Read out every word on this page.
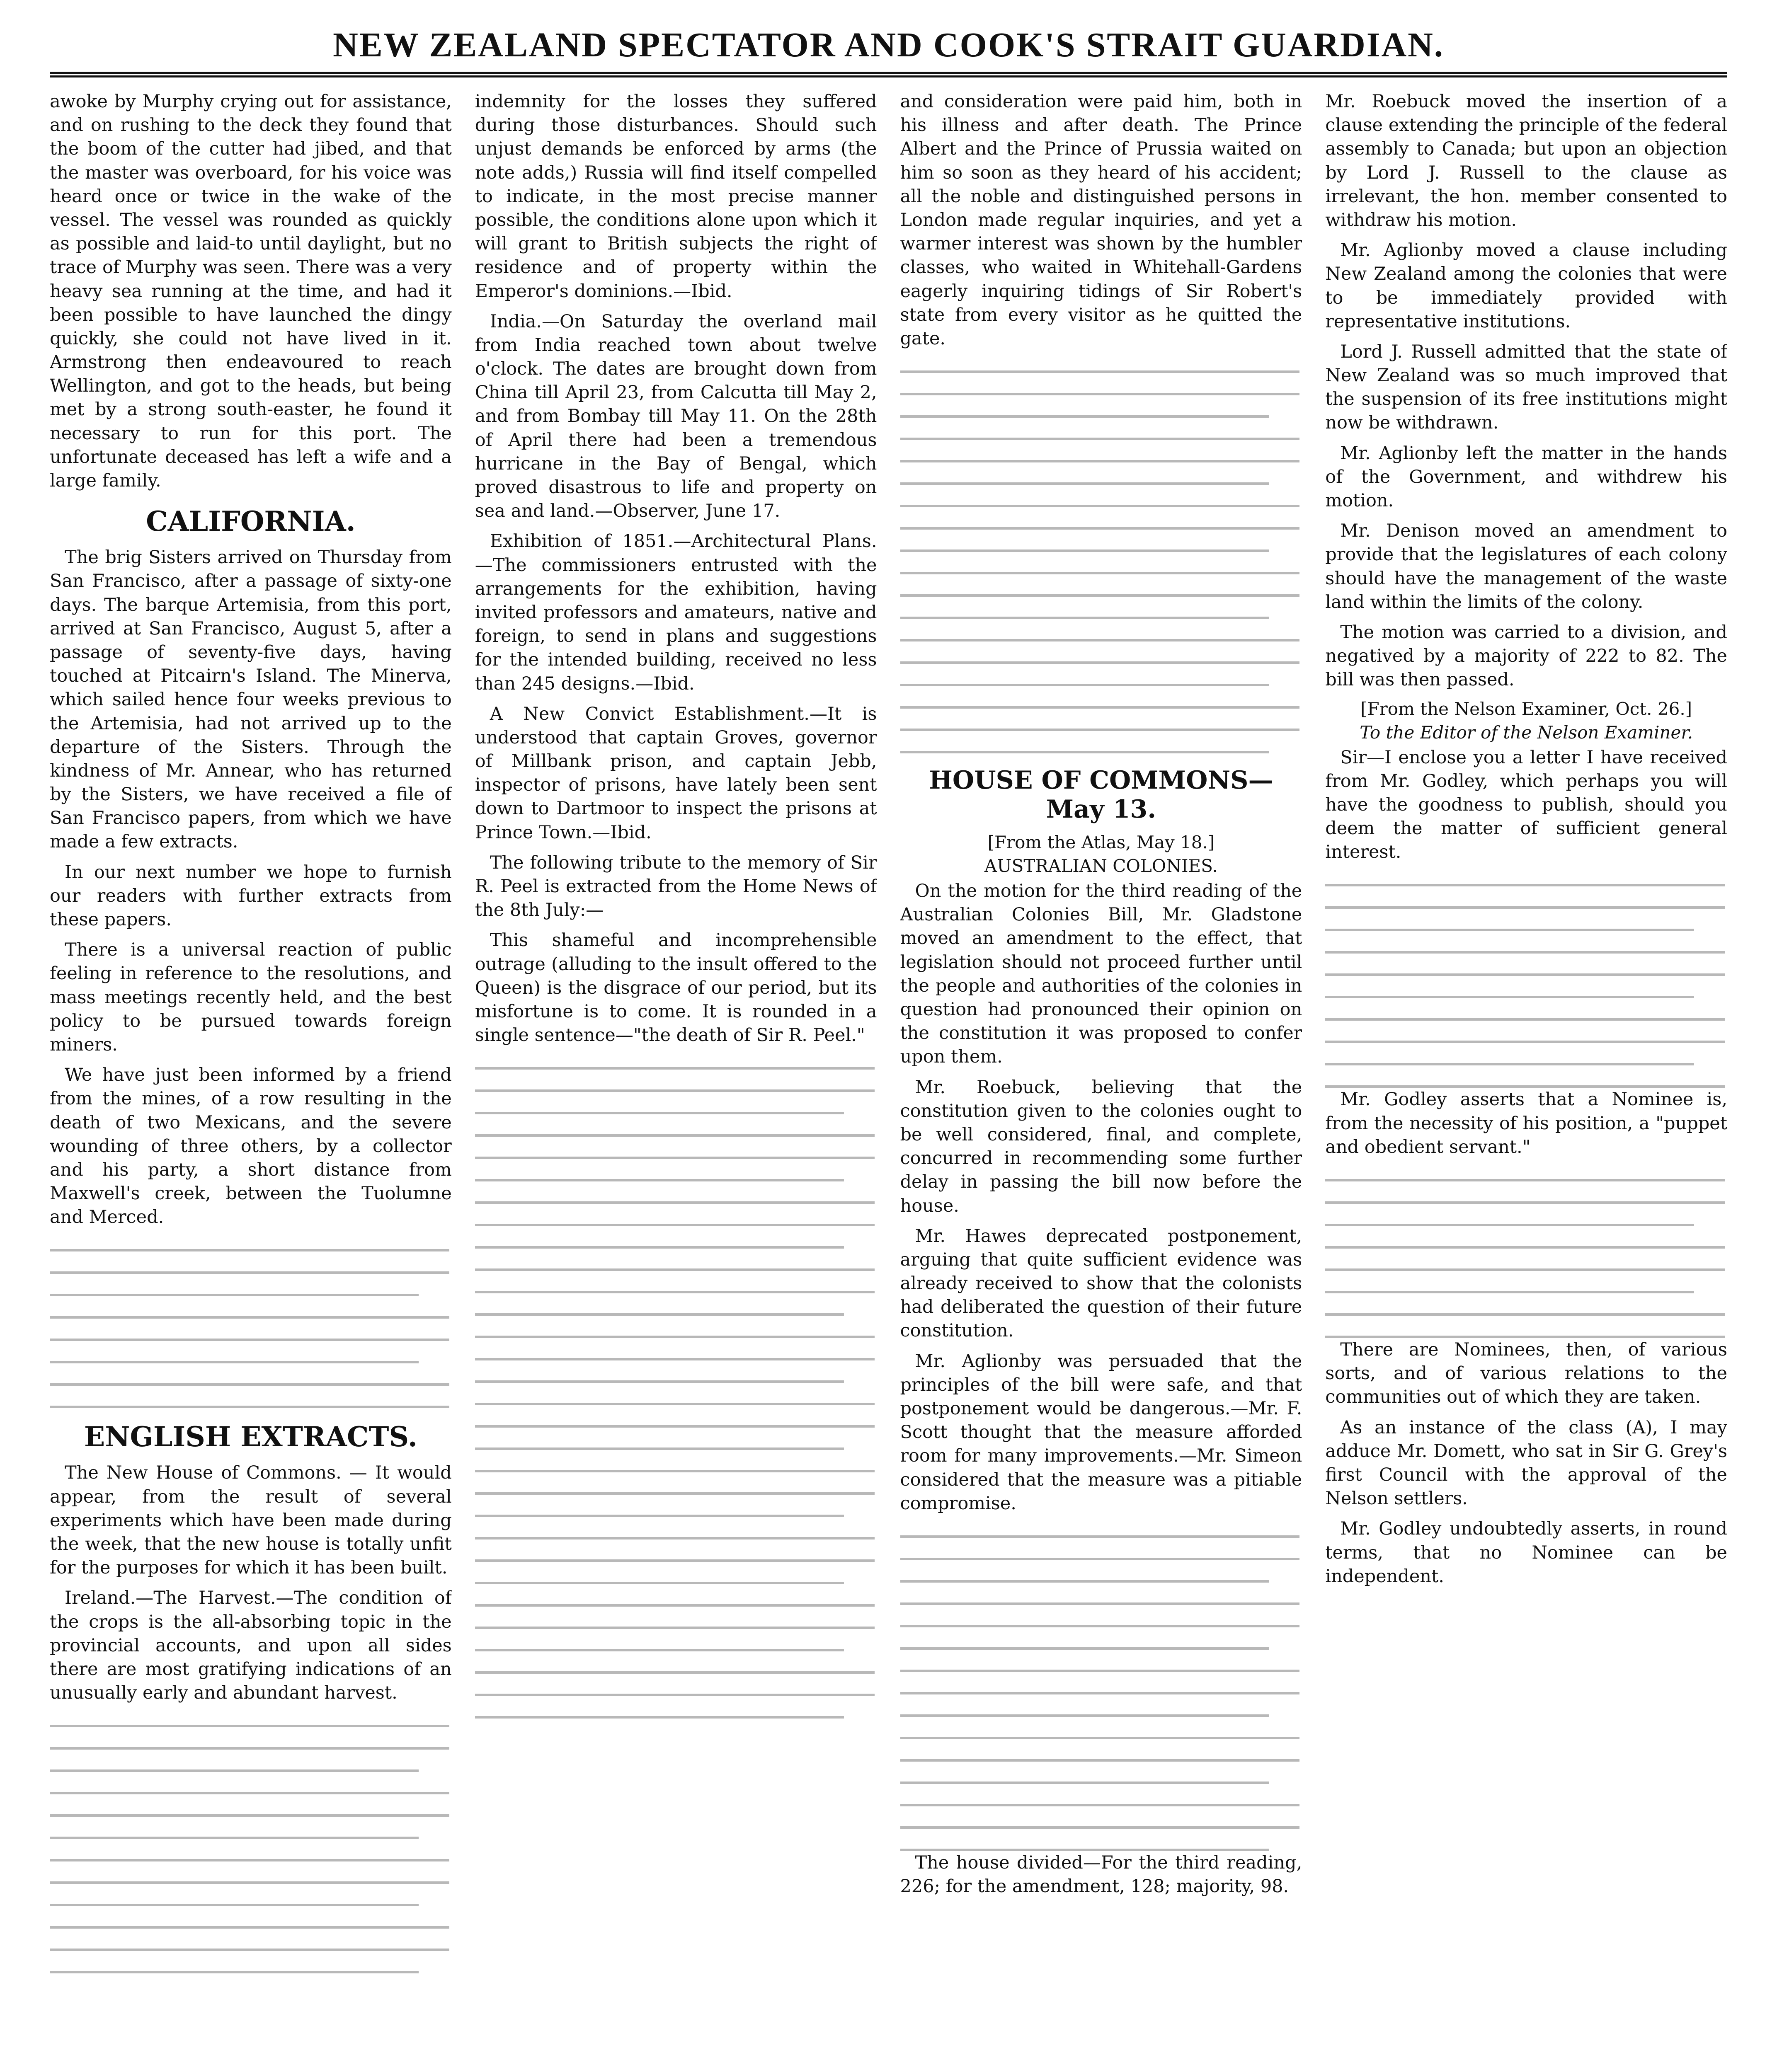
NEW ZEALAND SPECTATOR AND COOK'S STRAIT GUARDIAN.

awoke by Murphy crying out for assistance, and on rushing to the deck they found that the boom of the cutter had jibed, and that the master was overboard, for his voice was heard once or twice in the wake of the vessel. The vessel was rounded as quickly as possible and laid-to until daylight, but no trace of Murphy was seen. There was a very heavy sea running at the time, and had it been possible to have launched the dingy quickly, she could not have lived in it. Armstrong then endeavoured to reach Wellington, and got to the heads, but being met by a strong south-easter, he found it necessary to run for this port. The unfortunate deceased has left a wife and a large family.

CALIFORNIA.

The brig Sisters arrived on Thursday from San Francisco, after a passage of sixty-one days. The barque Artemisia, from this port, arrived at San Francisco, August 5, after a passage of seventy-five days, having touched at Pitcairn's Island. The Minerva, which sailed hence four weeks previous to the Artemisia, had not arrived up to the departure of the Sisters. Through the kindness of Mr. Annear, who has returned by the Sisters, we have received a file of San Francisco papers, from which we have made a few extracts.

In our next number we hope to furnish our readers with further extracts from these papers.

There is a universal reaction of public feeling in reference to the resolutions, and mass meetings recently held, and the best policy to be pursued towards foreign miners.

We have just been informed by a friend from the mines, of a row resulting in the death of two Mexicans, and the severe wounding of three others, by a collector and his party, a short distance from Maxwell's creek, between the Tuolumne and Merced.

ENGLISH EXTRACTS.

The New House of Commons. — It would appear, from the result of several experiments which have been made during the week, that the new house is totally unfit for the purposes for which it has been built.

Ireland.—The Harvest.—The condition of the crops is the all-absorbing topic in the provincial accounts, and upon all sides there are most gratifying indications of an unusually early and abundant harvest.

indemnity for the losses they suffered during those disturbances. Should such unjust demands be enforced by arms (the note adds,) Russia will find itself compelled to indicate, in the most precise manner possible, the conditions alone upon which it will grant to British subjects the right of residence and of property within the Emperor's dominions.—Ibid.

India.—On Saturday the overland mail from India reached town about twelve o'clock. The dates are brought down from China till April 23, from Calcutta till May 2, and from Bombay till May 11. On the 28th of April there had been a tremendous hurricane in the Bay of Bengal, which proved disastrous to life and property on sea and land.—Observer, June 17.

Exhibition of 1851.—Architectural Plans.—The commissioners entrusted with the arrangements for the exhibition, having invited professors and amateurs, native and foreign, to send in plans and suggestions for the intended building, received no less than 245 designs.—Ibid.

A New Convict Establishment.—It is understood that captain Groves, governor of Millbank prison, and captain Jebb, inspector of prisons, have lately been sent down to Dartmoor to inspect the prisons at Prince Town.—Ibid.

The following tribute to the memory of Sir R. Peel is extracted from the Home News of the 8th July:—

This shameful and incomprehensible outrage (alluding to the insult offered to the Queen) is the disgrace of our period, but its misfortune is to come. It is rounded in a single sentence—"the death of Sir R. Peel."

and consideration were paid him, both in his illness and after death. The Prince Albert and the Prince of Prussia waited on him so soon as they heard of his accident; all the noble and distinguished persons in London made regular inquiries, and yet a warmer interest was shown by the humbler classes, who waited in Whitehall-Gardens eagerly inquiring tidings of Sir Robert's state from every visitor as he quitted the gate.

HOUSE OF COMMONS—May 13.
[From the Atlas, May 18.]
AUSTRALIAN COLONIES.

On the motion for the third reading of the Australian Colonies Bill, Mr. Gladstone moved an amendment to the effect, that legislation should not proceed further until the people and authorities of the colonies in question had pronounced their opinion on the constitution it was proposed to confer upon them.

Mr. Roebuck, believing that the constitution given to the colonies ought to be well considered, final, and complete, concurred in recommending some further delay in passing the bill now before the house.

Mr. Hawes deprecated postponement, arguing that quite sufficient evidence was already received to show that the colonists had deliberated the question of their future constitution.

Mr. Aglionby was persuaded that the principles of the bill were safe, and that postponement would be dangerous.—Mr. F. Scott thought that the measure afforded room for many improvements.—Mr. Simeon considered that the measure was a pitiable compromise.

The house divided—For the third reading, 226; for the amendment, 128; majority, 98.

Mr. Roebuck moved the insertion of a clause extending the principle of the federal assembly to Canada; but upon an objection by Lord J. Russell to the clause as irrelevant, the hon. member consented to withdraw his motion.

Mr. Aglionby moved a clause including New Zealand among the colonies that were to be immediately provided with representative institutions.

Lord J. Russell admitted that the state of New Zealand was so much improved that the suspension of its free institutions might now be withdrawn.

Mr. Aglionby left the matter in the hands of the Government, and withdrew his motion.

Mr. Denison moved an amendment to provide that the legislatures of each colony should have the management of the waste land within the limits of the colony.

The motion was carried to a division, and negatived by a majority of 222 to 82. The bill was then passed.

[From the Nelson Examiner, Oct. 26.]
To the Editor of the Nelson Examiner.

Sir—I enclose you a letter I have received from Mr. Godley, which perhaps you will have the goodness to publish, should you deem the matter of sufficient general interest.

Mr. Godley asserts that a Nominee is, from the necessity of his position, a "puppet and obedient servant."

There are Nominees, then, of various sorts, and of various relations to the communities out of which they are taken.

As an instance of the class (A), I may adduce Mr. Domett, who sat in Sir G. Grey's first Council with the approval of the Nelson settlers.

Mr. Godley undoubtedly asserts, in round terms, that no Nominee can be independent.
